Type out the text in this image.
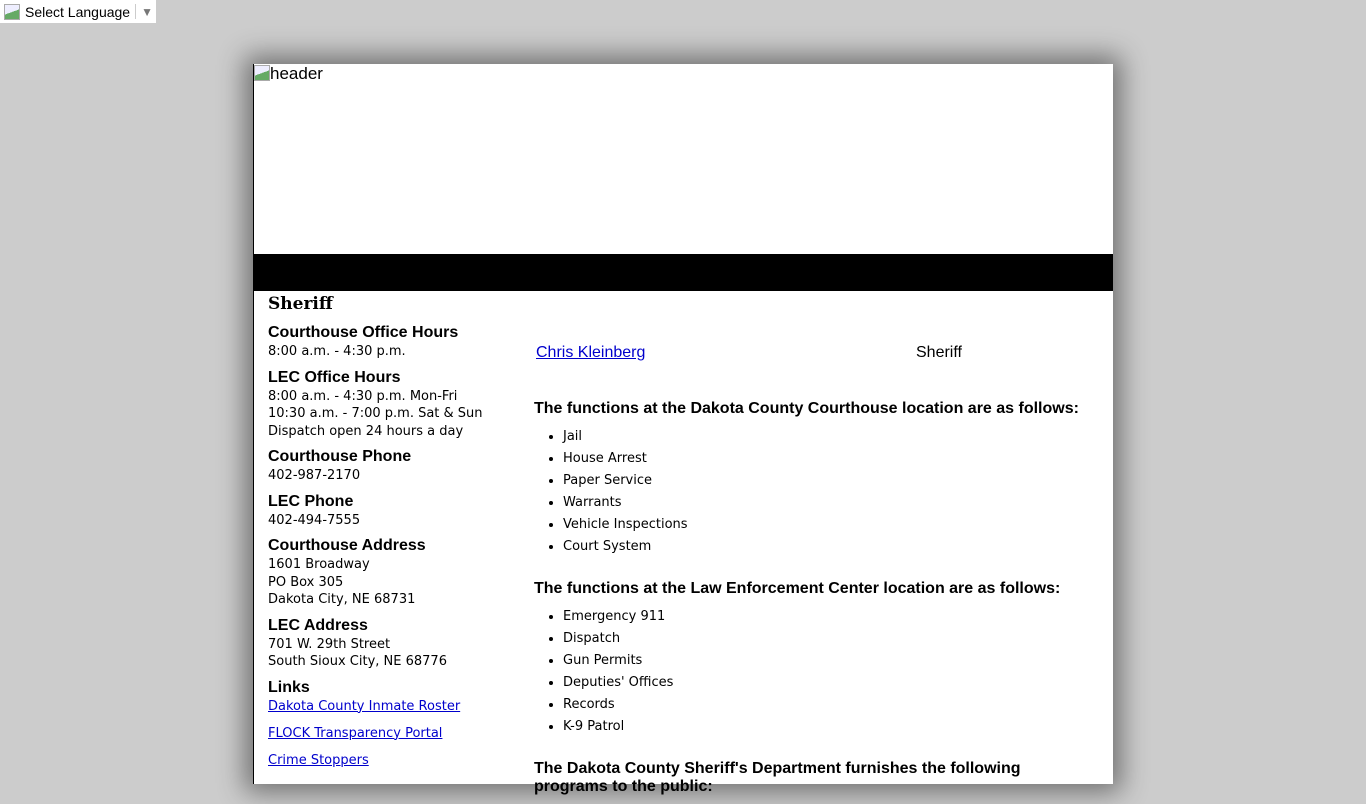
Select Language ▼
header
Sheriff
Courthouse Office Hours
8:00 a.m. - 4:30 p.m.
LEC Office Hours
8:00 a.m. - 4:30 p.m. Mon-Fri
10:30 a.m. - 7:00 p.m. Sat & Sun
Dispatch open 24 hours a day
Courthouse Phone
402-987-2170
LEC Phone
402-494-7555
Courthouse Address
1601 Broadway
PO Box 305
Dakota City, NE 68731
LEC Address
701 W. 29th Street
South Sioux City, NE 68776
Links
Dakota County Inmate Roster
FLOCK Transparency Portal
Crime Stoppers
Chris Kleinberg	Sheriff
The functions at the Dakota County Courthouse location are as follows:
• Jail
• House Arrest
• Paper Service
• Warrants
• Vehicle Inspections
• Court System
The functions at the Law Enforcement Center location are as follows:
• Emergency 911
• Dispatch
• Gun Permits
• Deputies' Offices
• Records
• K-9 Patrol
The Dakota County Sheriff's Department furnishes the following programs to the public:
